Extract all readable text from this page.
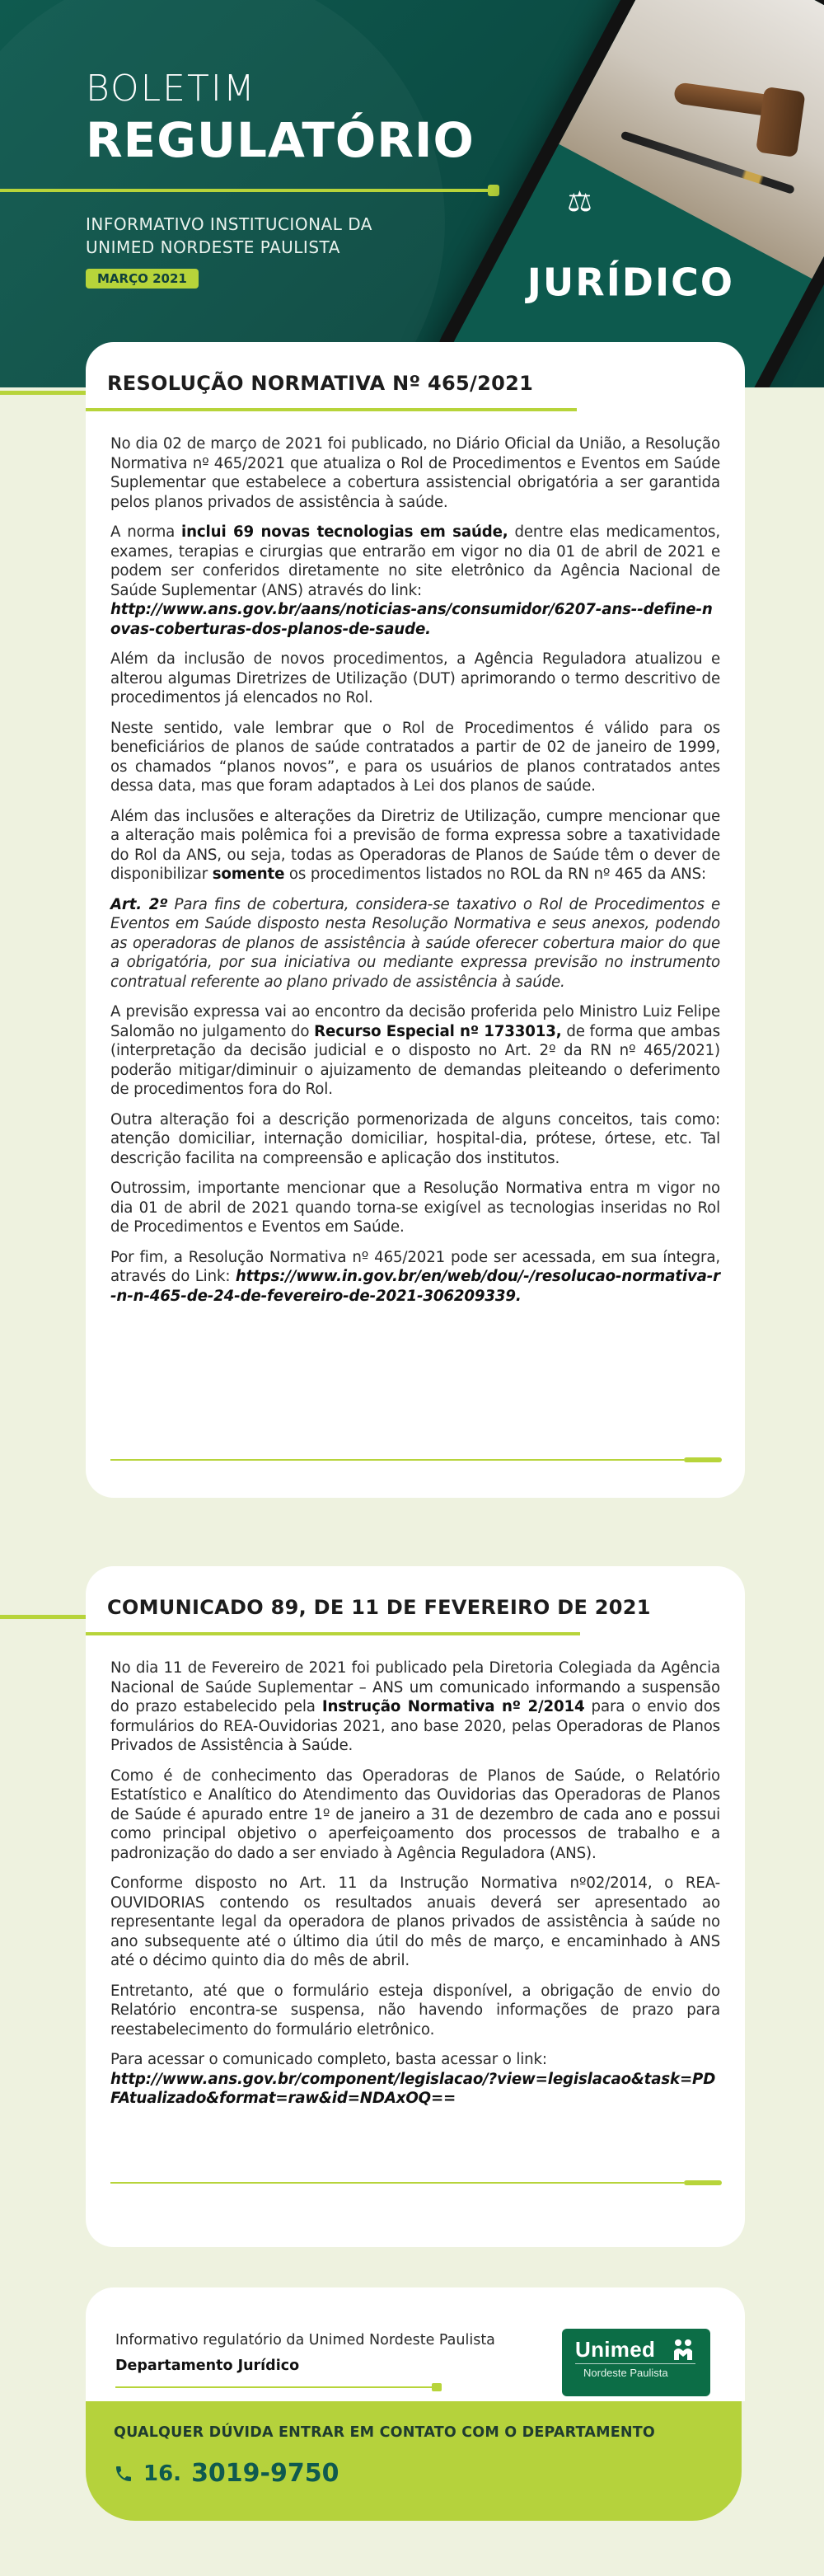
BOLETIM
REGULATÓRIO
INFORMATIVO INSTITUCIONAL DA
UNIMED NORDESTE PAULISTA
MARÇO 2021
⚖
JURÍDICO
RESOLUÇÃO NORMATIVA Nº 465/2021

No dia 02 de março de 2021 foi publicado, no Diário Oficial da União, a Resolução Normativa nº 465/2021 que atualiza o Rol de Procedimentos e Eventos em Saúde Suplementar que estabelece a cobertura assistencial obrigatória a ser garantida pelos planos privados de assistência à saúde.

A norma inclui 69 novas tecnologias em saúde, dentre elas medicamentos, exames, terapias e cirurgias que entrarão em vigor no dia 01 de abril de 2021 e podem ser conferidos diretamente no site eletrônico da Agência Nacional de Saúde Suplementar (ANS) através do link:
http://www.ans.gov.br/aans/noticias-ans/consumidor/6207-ans--define-novas-coberturas-dos-planos-de-saude.

Além da inclusão de novos procedimentos, a Agência Reguladora atualizou e alterou algumas Diretrizes de Utilização (DUT) aprimorando o termo descritivo de procedimentos já elencados no Rol.

Neste sentido, vale lembrar que o Rol de Procedimentos é válido para os beneficiários de planos de saúde contratados a partir de 02 de janeiro de 1999, os chamados “planos novos”, e para os usuários de planos contratados antes dessa data, mas que foram adaptados à Lei dos planos de saúde.

Além das inclusões e alterações da Diretriz de Utilização, cumpre mencionar que a alteração mais polêmica foi a previsão de forma expressa sobre a taxatividade do Rol da ANS, ou seja, todas as Operadoras de Planos de Saúde têm o dever de disponibilizar somente os procedimentos listados no ROL da RN nº 465 da ANS:

Art. 2º Para fins de cobertura, considera-se taxativo o Rol de Procedimentos e Eventos em Saúde disposto nesta Resolução Normativa e seus anexos, podendo as operadoras de planos de assistência à saúde oferecer cobertura maior do que a obrigatória, por sua iniciativa ou mediante expressa previsão no instrumento contratual referente ao plano privado de assistência à saúde.

A previsão expressa vai ao encontro da decisão proferida pelo Ministro Luiz Felipe Salomão no julgamento do Recurso Especial nº 1733013, de forma que ambas (interpretação da decisão judicial e o disposto no Art. 2º da RN nº 465/2021) poderão mitigar/diminuir o ajuizamento de demandas pleiteando o deferimento de procedimentos fora do Rol.

Outra alteração foi a descrição pormenorizada de alguns conceitos, tais como: atenção domiciliar, internação domiciliar, hospital-dia, prótese, órtese, etc. Tal descrição facilita na compreensão e aplicação dos institutos.

Outrossim, importante mencionar que a Resolução Normativa entra m vigor no dia 01 de abril de 2021 quando torna-se exigível as tecnologias inseridas no Rol de Procedimentos e Eventos em Saúde.

Por fim, a Resolução Normativa nº 465/2021 pode ser acessada, em sua íntegra, através do Link: https://www.in.gov.br/en/web/dou/-/resolucao-normativa-r-n-n-465-de-24-de-fevereiro-de-2021-306209339.

COMUNICADO 89, DE 11 DE FEVEREIRO DE 2021

No dia 11 de Fevereiro de 2021 foi publicado pela Diretoria Colegiada da Agência Nacional de Saúde Suplementar – ANS um comunicado informando a suspensão do prazo estabelecido pela Instrução Normativa nº 2/2014 para o envio dos formulários do REA-Ouvidorias 2021, ano base 2020, pelas Operadoras de Planos Privados de Assistência à Saúde.

Como é de conhecimento das Operadoras de Planos de Saúde, o Relatório Estatístico e Analítico do Atendimento das Ouvidorias das Operadoras de Planos de Saúde é apurado entre 1º de janeiro a 31 de dezembro de cada ano e possui como principal objetivo o aperfeiçoamento dos processos de trabalho e a padronização do dado a ser enviado à Agência Reguladora (ANS).

Conforme disposto no Art. 11 da Instrução Normativa nº02/2014, o REA-OUVIDORIAS contendo os resultados anuais deverá ser apresentado ao representante legal da operadora de planos privados de assistência à saúde no ano subsequente até o último dia útil do mês de março, e encaminhado à ANS até o décimo quinto dia do mês de abril.

Entretanto, até que o formulário esteja disponível, a obrigação de envio do Relatório encontra-se suspensa, não havendo informações de prazo para reestabelecimento do formulário eletrônico.

Para acessar o comunicado completo, basta acessar o link:
http://www.ans.gov.br/component/legislacao/?view=legislacao&task=PDFAtualizado&format=raw&id=NDAxOQ==

Informativo regulatório da Unimed Nordeste Paulista
Departamento Jurídico
Unimed
Nordeste Paulista
QUALQUER DÚVIDA ENTRAR EM CONTATO COM O DEPARTAMENTO
16. 3019-9750
